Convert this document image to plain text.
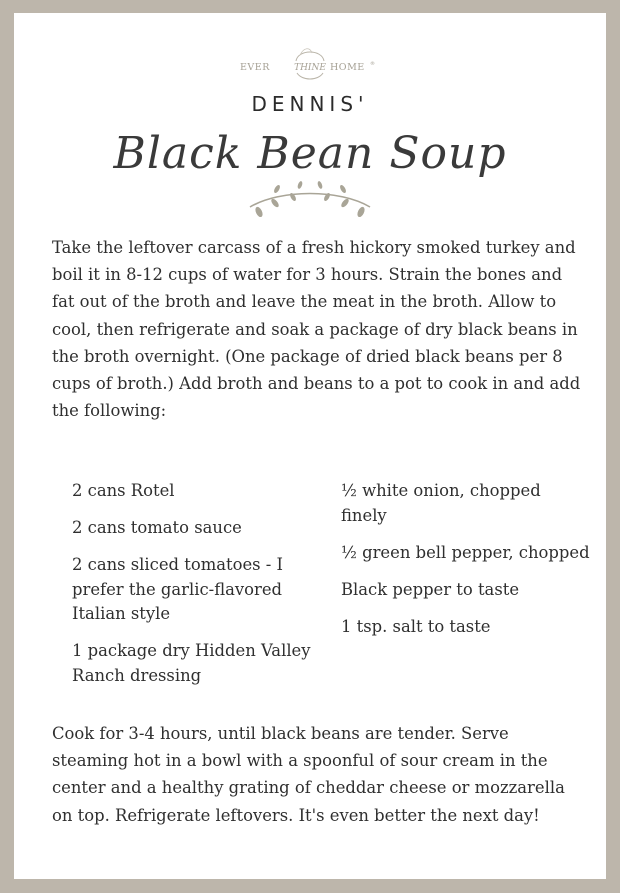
EVER	THINE HOME ®
DENNIS'
Black Bean Soup

Take the leftover carcass of a fresh hickory smoked turkey and boil it in 8-12 cups of water for 3 hours. Strain the bones and fat out of the broth and leave the meat in the broth. Allow to cool, then refrigerate and soak a package of dry black beans in the broth overnight. (One package of dried black beans per 8 cups of broth.) Add broth and beans to a pot to cook in and add the following:

2 cans Rotel
2 cans tomato sauce
2 cans sliced tomatoes - I prefer the garlic-flavored Italian style
1 package dry Hidden Valley Ranch dressing
½ white onion, chopped finely
½ green bell pepper, chopped
Black pepper to taste
1 tsp. salt to taste

Cook for 3-4 hours, until black beans are tender. Serve steaming hot in a bowl with a spoonful of sour cream in the center and a healthy grating of cheddar cheese or mozzarella on top. Refrigerate leftovers. It's even better the next day!
